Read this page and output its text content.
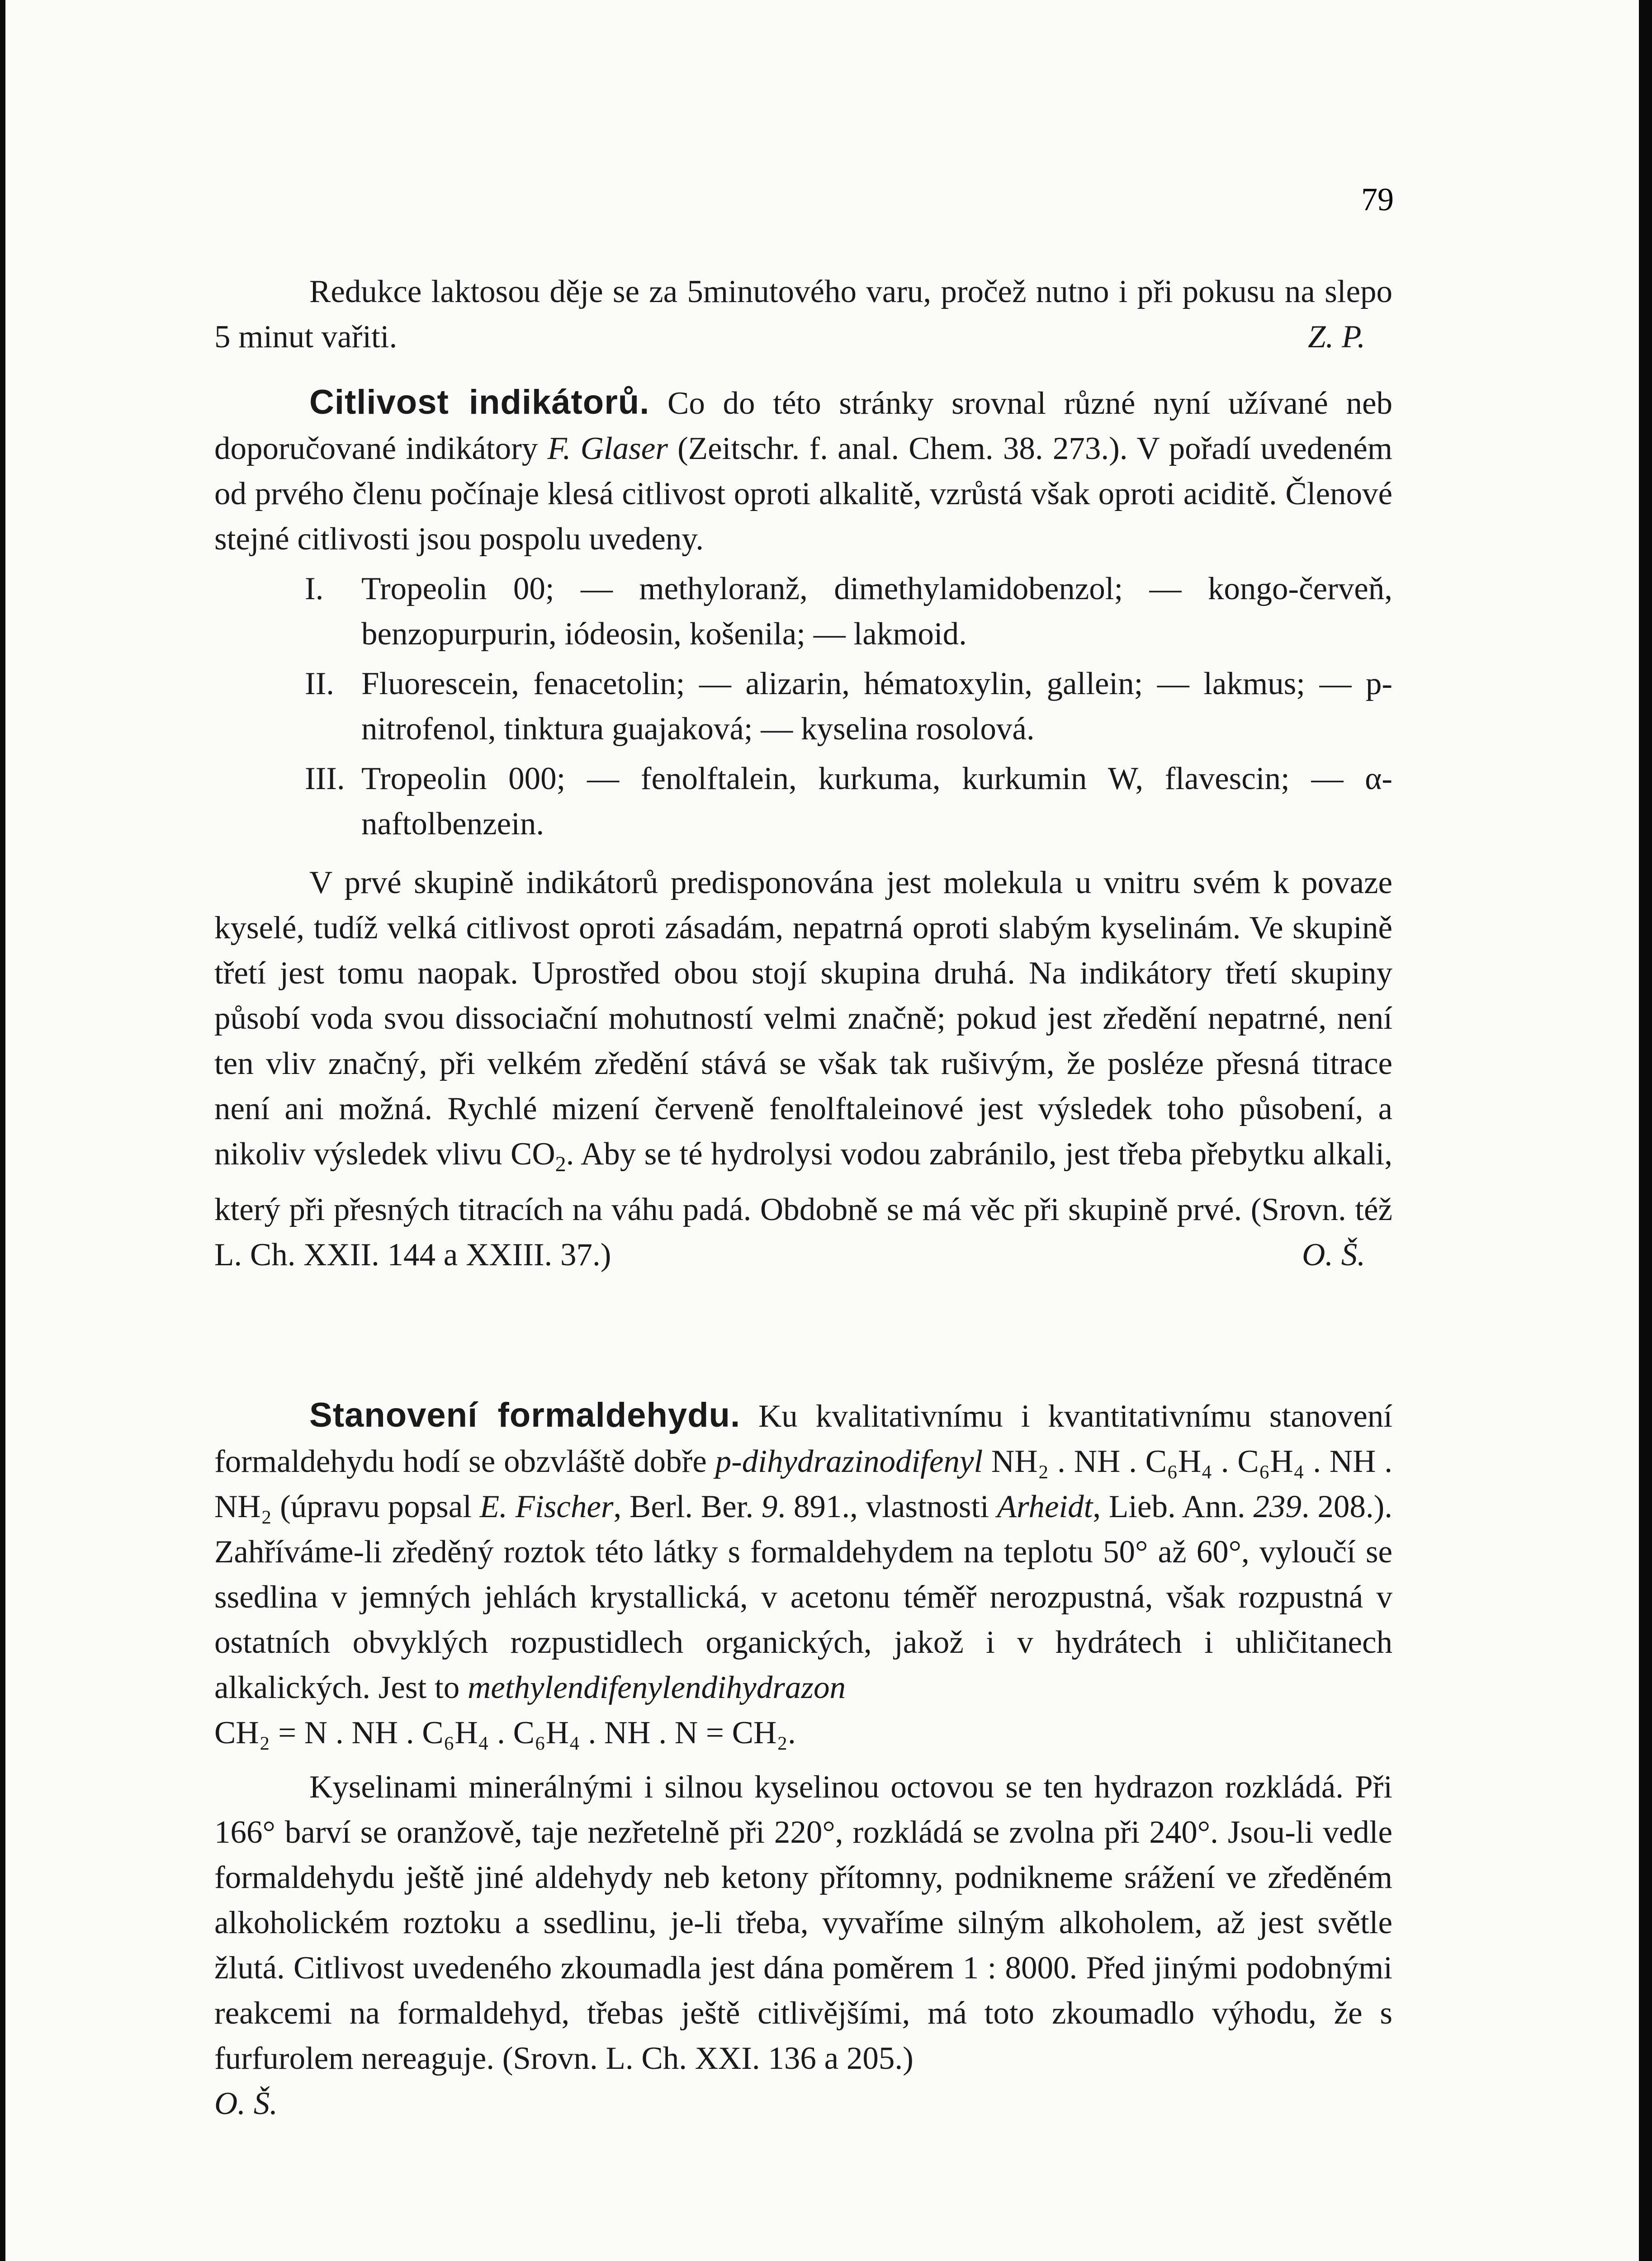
79

Redukce laktosou děje se za 5minutového varu, pročež nutno i při pokusu na slepo 5 minut vařiti.	Z. P.

Citlivost indikátorů. Co do této stránky srovnal různé nyní užívané neb doporučované indikátory F. Glaser (Zeitschr. f. anal. Chem. 38. 273.). V pořadí uvedeném od prvého členu počínaje klesá citlivost oproti alkalitě, vzrůstá však oproti aciditě. Členové stejné citlivosti jsou pospolu uvedeny.

I.	Tropeolin 00; — methyloranž, dimethylamidobenzol; — kongo-červeň, benzopurpurin, iódeosin, košenila; — lakmoid.
II. Fluorescein, fenacetolin; — alizarin, hématoxylin, gallein; — lakmus; — p-nitrofenol, tinktura guajaková; — kyselina rosolová.
III. Tropeolin 000; — fenolftalein, kurkuma, kurkumin W, flavescin; — α-naftolbenzein.

V prvé skupině indikátorů predisponována jest molekula u vnitru svém k povaze kyselé, tudíž velká citlivost oproti zásadám, nepatrná oproti slabým kyselinám. Ve skupině třetí jest tomu naopak. Uprostřed obou stojí skupina druhá. Na indikátory třetí skupiny působí voda svou dissociační mohutností velmi značně; pokud jest zředění nepatrné, není ten vliv značný, při velkém zředění stává se však tak rušivým, že posléze přesná titrace není ani možná. Rychlé mizení červeně fenolftaleinové jest výsledek toho působení, a nikoliv výsledek vlivu $CO_2$. Aby se té hydrolysi vodou zabránilo, jest třeba přebytku alkali, který při přesných titracích na váhu padá. Obdobně se má věc při skupině prvé. (Srovn. též L. Ch. XXII. 144 a XXIII. 37.)	O. Š.

Stanovení formaldehydu. Ku kvalitativnímu i kvantitativnímu stanovení formaldehydu hodí se obzvláště dobře p-dihydrazinodifenyl NH₂ . NH . C₆H₄ . C₆H₄ . NH . NH₂ (úpravu popsal E. Fischer, Berl. Ber. 9. 891., vlastnosti Arheidt, Lieb. Ann. 239. 208.). Zahříváme-li zředěný roztok této látky s formaldehydem na teplotu 50° až 60°, vyloučí se ssedlina v jemných jehlách krystallická, v acetonu téměř nerozpustná, však rozpustná v ostatních obvyklých rozpustidlech organických, jakož i v hydrátech i uhličitanech alkalických. Jest to methylendifenylendihydrazon

CH₂ = N . NH . C₆H₄ . C₆H₄ . NH . N = CH₂.

Kyselinami minerálnými i silnou kyselinou octovou se ten hydrazon rozkládá. Při 166° barví se oranžově, taje nezřetelně při 220°, rozkládá se zvolna při 240°. Jsou-li vedle formaldehydu ještě jiné aldehydy neb ketony přítomny, podnikneme srážení ve zředěném alkoholickém roztoku a ssedlinu, je-li třeba, vyvaříme silným alkoholem, až jest světle žlutá. Citlivost uvedeného zkoumadla jest dána poměrem 1 : 8000. Před jinými podobnými reakcemi na formaldehyd, třebas ještě citlivějšími, má toto zkoumadlo výhodu, že s furfurolem nereaguje. (Srovn. L. Ch. XXI. 136 a 205.)

O. Š.
